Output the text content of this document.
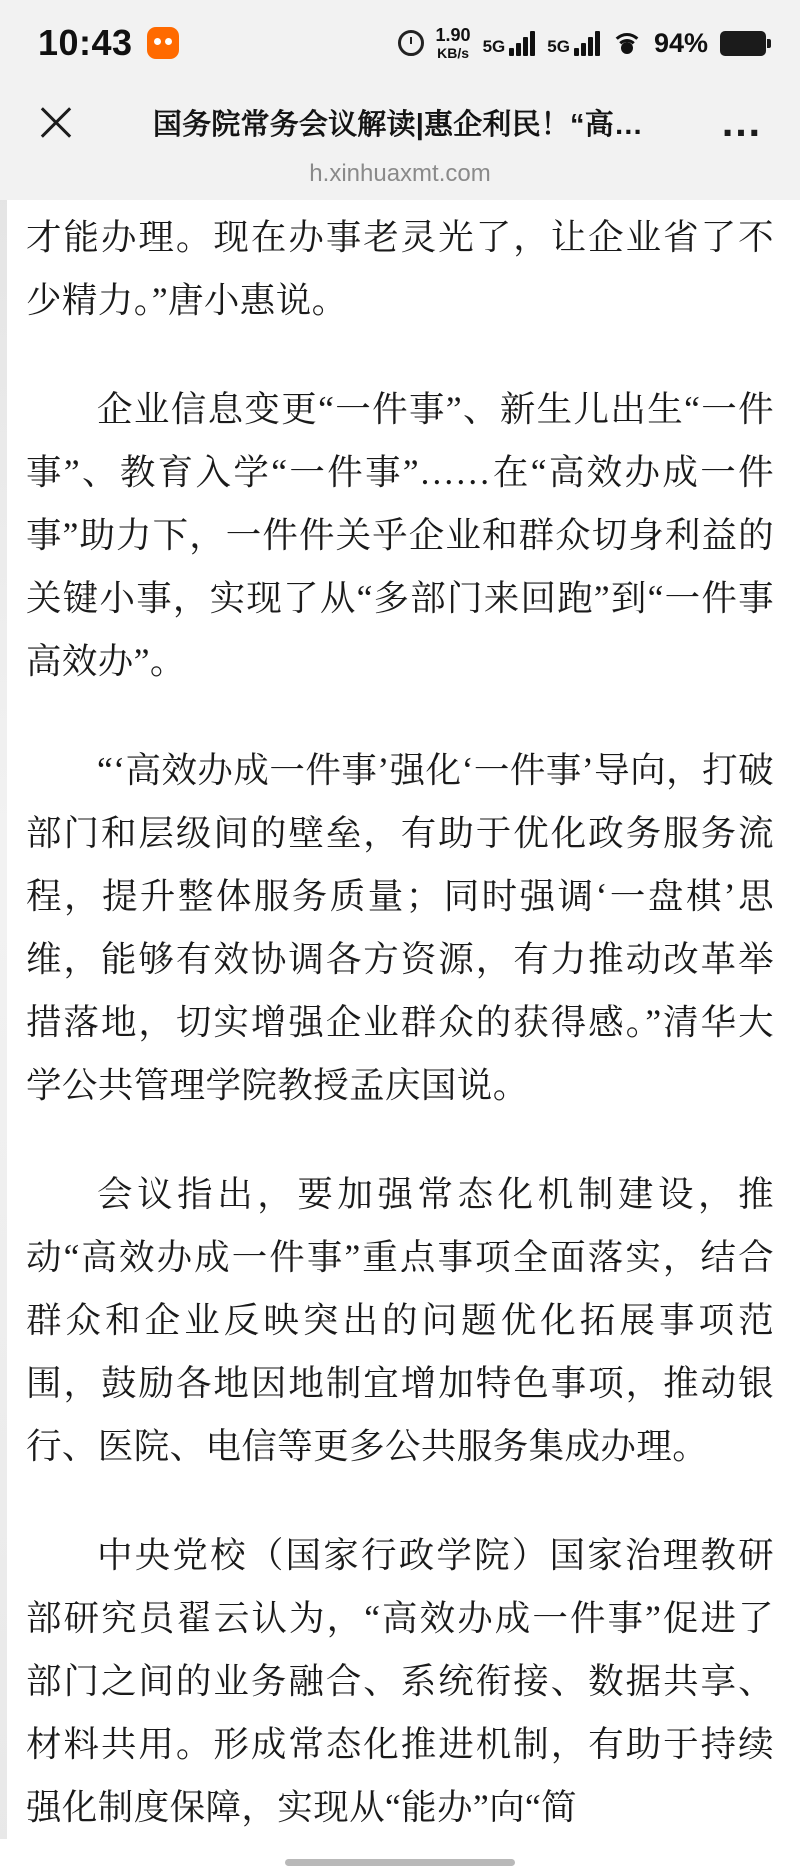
10:43	1.90
KB/s 5G 5G	94%
国务院常务会议解读|惠企利民！“高…	…
h.xinhuaxmt.com

才能办理。现在办事老灵光了，让企业省了不少精力。”唐小惠说。

企业信息变更“一件事”、新生儿出生“一件事”、教育入学“一件事”……在“高效办成一件事”助力下，一件件关乎企业和群众切身利益的关键小事，实现了从“多部门来回跑”到“一件事高效办”。

“‘高效办成一件事’强化‘一件事’导向，打破部门和层级间的壁垒，有助于优化政务服务流程，提升整体服务质量；同时强调‘一盘棋’思维，能够有效协调各方资源，有力推动改革举措落地，切实增强企业群众的获得感。”清华大学公共管理学院教授孟庆国说。

会议指出，要加强常态化机制建设，推动“高效办成一件事”重点事项全面落实，结合群众和企业反映突出的问题优化拓展事项范围，鼓励各地因地制宜增加特色事项，推动银行、医院、电信等更多公共服务集成办理。

中央党校（国家行政学院）国家治理教研部研究员翟云认为，“高效办成一件事”促进了部门之间的业务融合、系统衔接、数据共享、材料共用。形成常态化推进机制，有助于持续强化制度保障，实现从“能办”向“简
